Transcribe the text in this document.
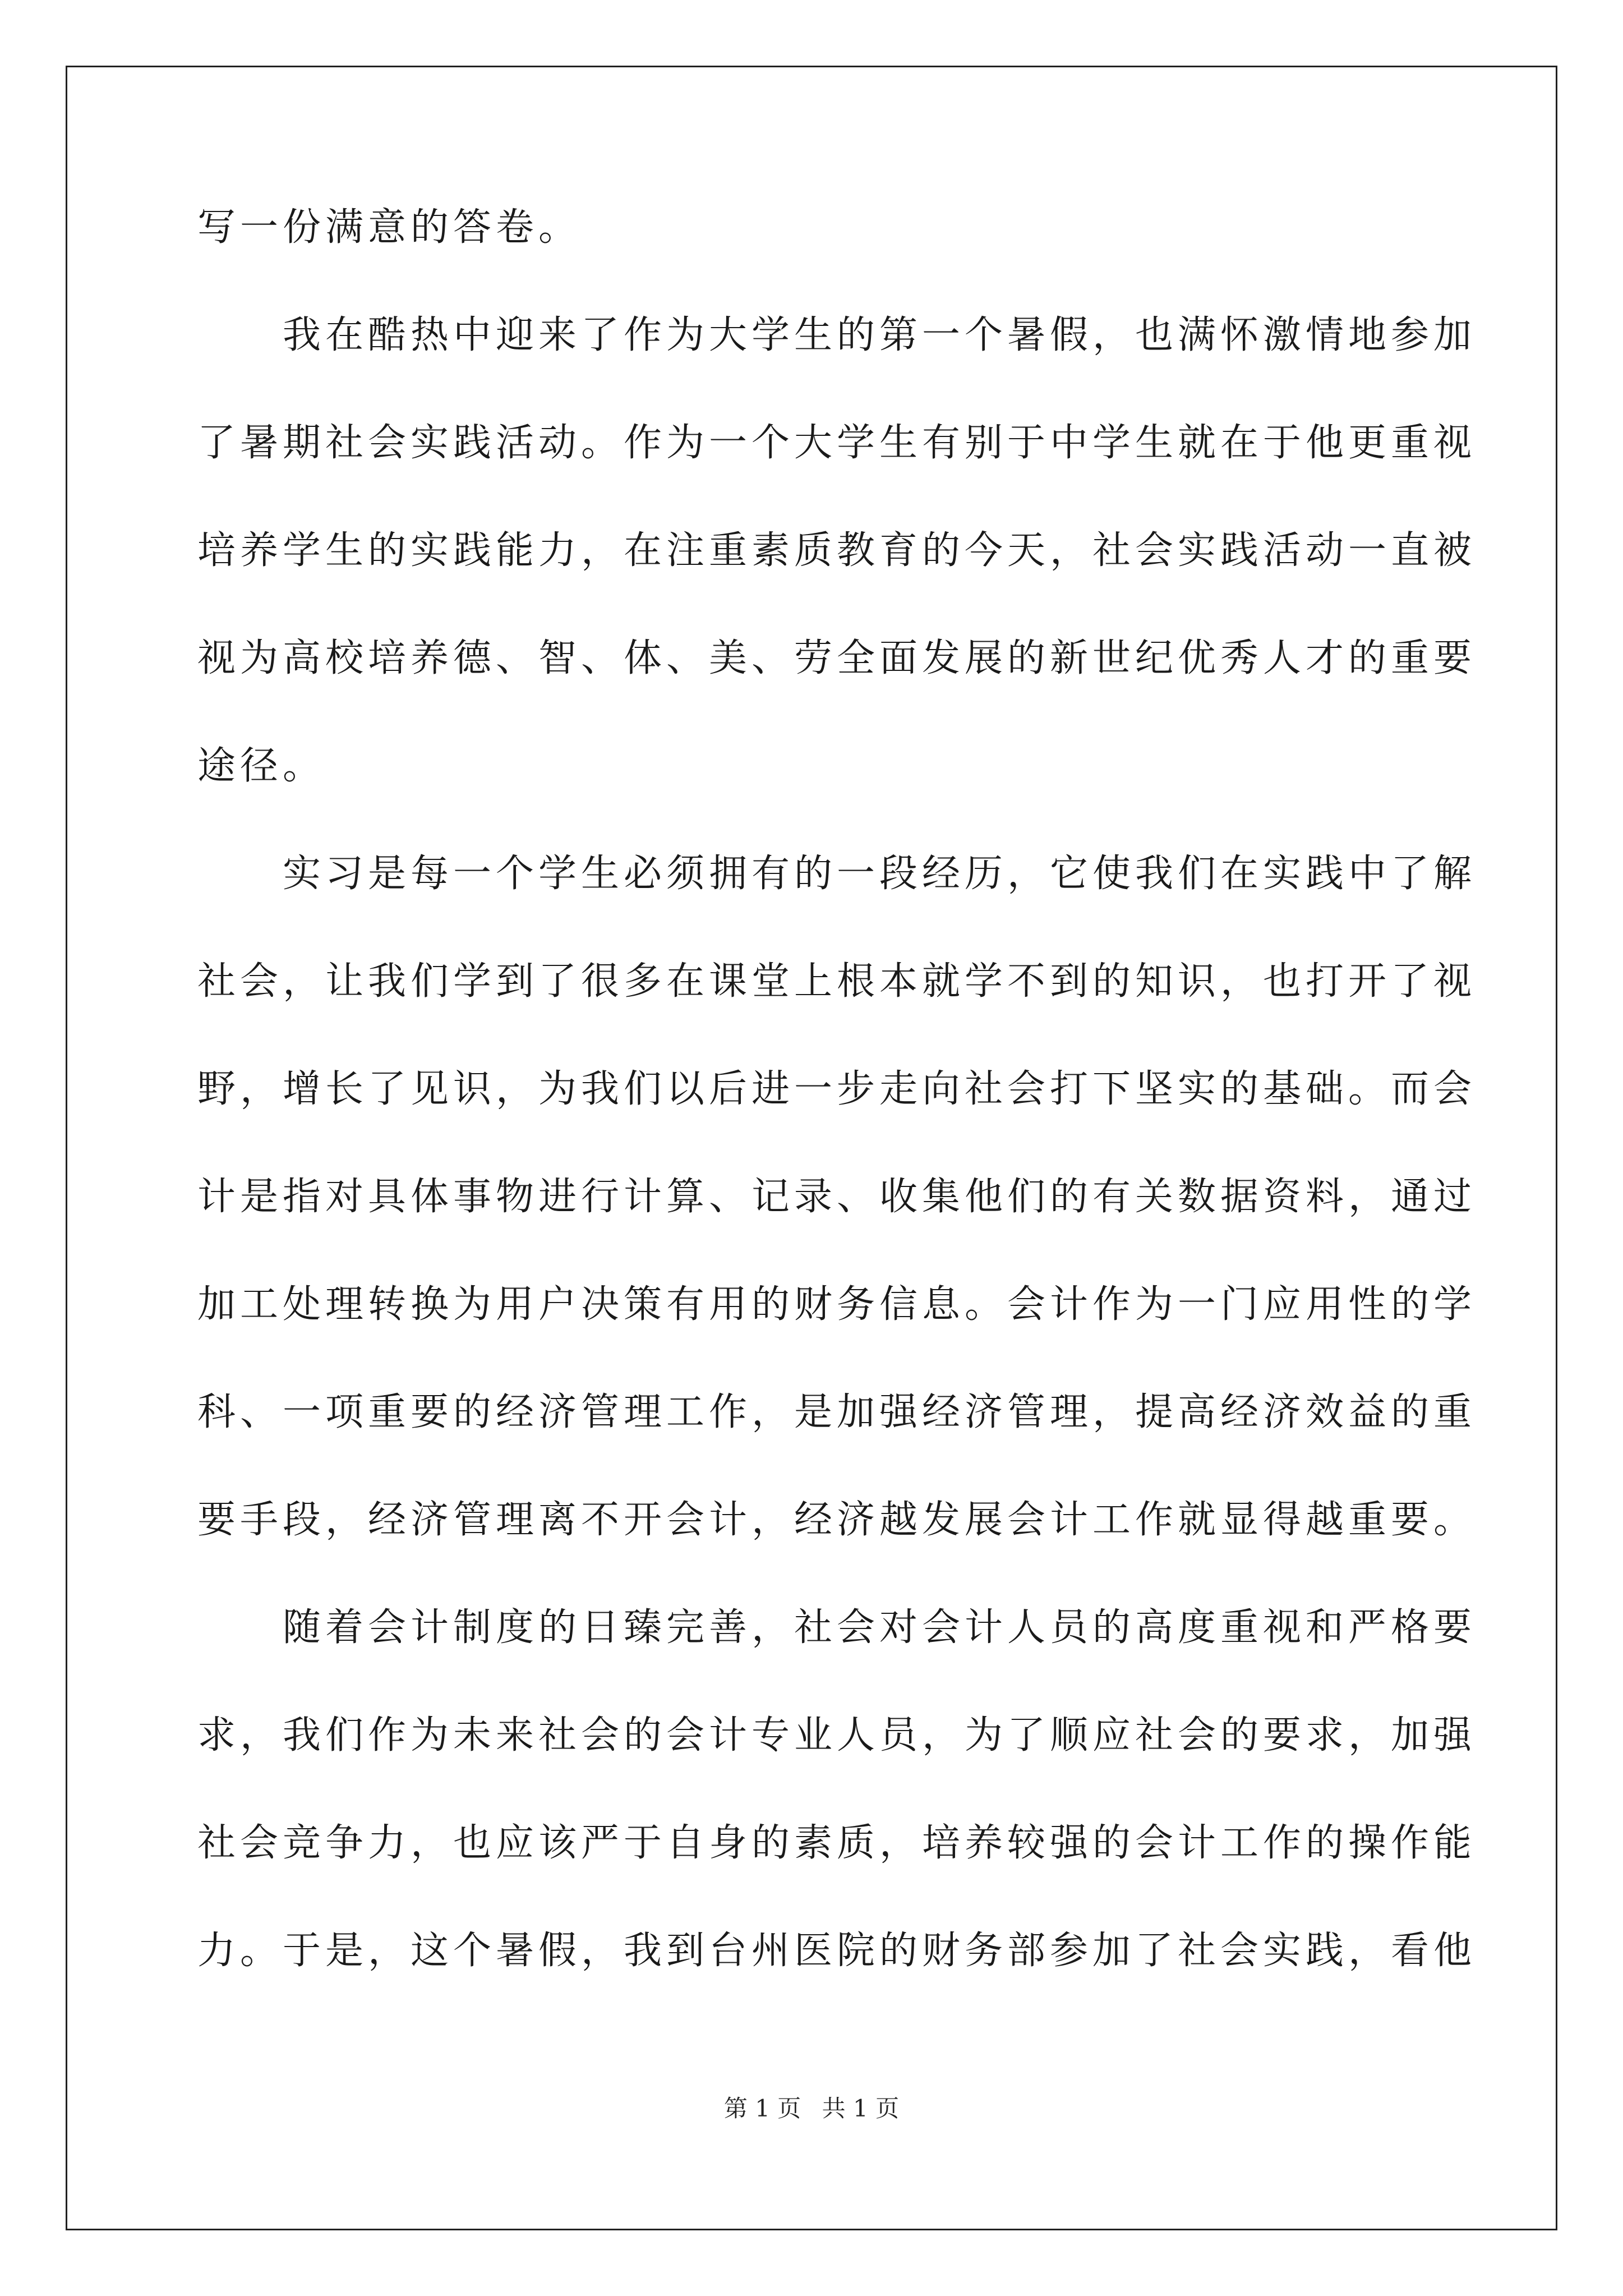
写一份满意的答卷。
我在酷热中迎来了作为大学生的第一个暑假，也满怀激情地参加
了暑期社会实践活动。作为一个大学生有别于中学生就在于他更重视
培养学生的实践能力，在注重素质教育的今天，社会实践活动一直被
视为高校培养德、智、体、美、劳全面发展的新世纪优秀人才的重要
途径。
实习是每一个学生必须拥有的一段经历，它使我们在实践中了解
社会，让我们学到了很多在课堂上根本就学不到的知识，也打开了视
野，增长了见识，为我们以后进一步走向社会打下坚实的基础。而会
计是指对具体事物进行计算、记录、收集他们的有关数据资料，通过
加工处理转换为用户决策有用的财务信息。会计作为一门应用性的学
科、一项重要的经济管理工作，是加强经济管理，提高经济效益的重
要手段，经济管理离不开会计，经济越发展会计工作就显得越重要。
随着会计制度的日臻完善，社会对会计人员的高度重视和严格要
求，我们作为未来社会的会计专业人员，为了顺应社会的要求，加强
社会竞争力，也应该严于自身的素质，培养较强的会计工作的操作能
力。于是，这个暑假，我到台州医院的财务部参加了社会实践，看他
第 1 页 共 1 页
